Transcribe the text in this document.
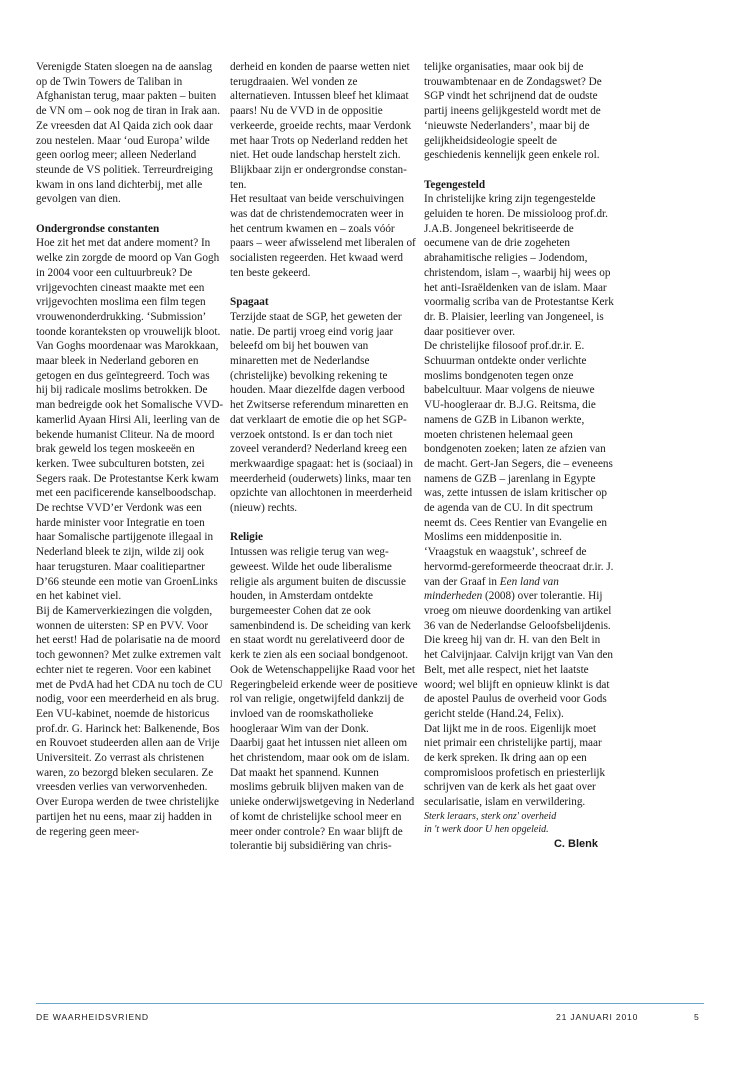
Verenigde Staten sloegen na de aanslag op de Twin Towers de Taliban in Afghanistan terug, maar pakten – buiten de VN om – ook nog de tiran in Irak aan. Ze vreesden dat Al Qaida zich ook daar zou nestelen. Maar ‘oud Europa’ wilde geen oorlog meer; alleen Nederland steunde de VS politiek. Terreurdreiging kwam in ons land dichterbij, met alle gevolgen van dien.

Ondergrondse constanten

Hoe zit het met dat andere moment? In welke zin zorgde de moord op Van Gogh in 2004 voor een cultuurbreuk? De vrijgevochten cineast maakte met een vrijgevochten moslima een film tegen vrouwenonderdrukking. ‘Submission’ toonde koranteksten op vrouwelijk bloot. Van Goghs moordenaar was Marokkaan, maar bleek in Nederland geboren en getogen en dus geïntegreerd. Toch was hij bij radicale moslims betrokken. De man bedreigde ook het Somalische VVD-kamerlid Ayaan Hirsi Ali, leerling van de bekende humanist Cliteur. Na de moord brak geweld los tegen moskeeën en kerken. Twee subculturen botsten, zei Segers raak. De Protestantse Kerk kwam met een pacificerende kanselboodschap. De rechtse VVD’er Verdonk was een harde minister voor Integratie en toen haar Somalische partijgenote illegaal in Nederland bleek te zijn, wilde zij ook haar terugsturen. Maar coalitiepartner D’66 steunde een motie van GroenLinks en het kabinet viel.

Bij de Kamerverkiezingen die volgden, wonnen de uitersten: SP en PVV. Voor het eerst! Had de polarisatie na de moord toch gewonnen? Met zulke extremen valt echter niet te regeren. Voor een kabinet met de PvdA had het CDA nu toch de CU nodig, voor een meerderheid en als brug. Een VU-kabinet, noemde de historicus prof.dr. G. Harinck het: Balkenende, Bos en Rouvoet studeerden allen aan de Vrije Universiteit. Zo verrast als christenen waren, zo bezorgd bleken secularen. Ze vreesden verlies van verworvenheden.

Over Europa werden de twee christelijke partijen het nu eens, maar zij hadden in de regering geen meer-

derheid en konden de paarse wetten niet terugdraaien. Wel vonden ze alternatieven. Intussen bleef het klimaat paars! Nu de VVD in de oppositie verkeerde, groeide rechts, maar Verdonk met haar Trots op Nederland redden het niet. Het oude landschap herstelt zich. Blijkbaar zijn er ondergrondse constanten.

Het resultaat van beide verschuivingen was dat de christendemocraten weer in het centrum kwamen en – zoals vóór paars – weer afwisselend met liberalen of socialisten regeerden. Het kwaad werd ten beste gekeerd.

Spagaat

Terzijde staat de SGP, het geweten der natie. De partij vroeg eind vorig jaar beleefd om bij het bouwen van minaretten met de Nederlandse (christelijke) bevolking rekening te houden. Maar diezelfde dagen verbood het Zwitserse referendum minaretten en dat verklaart de emotie die op het SGP-verzoek ontstond. Is er dan toch niet zoveel veranderd? Nederland kreeg een merkwaardige spagaat: het is (sociaal) in meerderheid (ouderwets) links, maar ten opzichte van allochtonen in meerderheid (nieuw) rechts.

Religie

Intussen was religie terug van weggeweest. Wilde het oude liberalisme religie als argument buiten de discussie houden, in Amsterdam ontdekte burgemeester Cohen dat ze ook samenbindend is. De scheiding van kerk en staat wordt nu gerelativeerd door de kerk te zien als een sociaal bondgenoot. Ook de Wetenschappelijke Raad voor het Regeringbeleid erkende weer de positieve rol van religie, ongetwijfeld dankzij de invloed van de roomskatholieke hoogleraar Wim van der Donk.

Daarbij gaat het intussen niet alleen om het christendom, maar ook om de islam. Dat maakt het spannend. Kunnen moslims gebruik blijven maken van de unieke onderwijswetgeving in Nederland of komt de christelijke school meer en meer onder controle? En waar blijft de tolerantie bij subsidiëring van chris-

telijke organisaties, maar ook bij de trouwambtenaar en de Zondagswet? De SGP vindt het schrijnend dat de oudste partij ineens gelijkgesteld wordt met de ‘nieuwste Nederlanders’, maar bij de gelijkheidsideologie speelt de geschiedenis kennelijk geen enkele rol.

Tegengesteld

In christelijke kring zijn tegengestelde geluiden te horen. De missioloog prof.dr. J.A.B. Jongeneel bekritiseerde de oecumene van de drie zogeheten abrahamitische religies – Jodendom, christendom, islam –, waarbij hij wees op het anti-Israëldenken van de islam. Maar voormalig scriba van de Protestantse Kerk dr. B. Plaisier, leerling van Jongeneel, is daar positiever over.

De christelijke filosoof prof.dr.ir. E. Schuurman ontdekte onder verlichte moslims bondgenoten tegen onze babelcultuur. Maar volgens de nieuwe VU-hoogleraar dr. B.J.G. Reitsma, die namens de GZB in Libanon werkte, moeten christenen helemaal geen bondgenoten zoeken; laten ze afzien van de macht. Gert-Jan Segers, die – eveneens namens de GZB – jarenlang in Egypte was, zette intussen de islam kritischer op de agenda van de CU. In dit spectrum neemt ds. Cees Rentier van Evangelie en Moslims een middenpositie in.

‘Vraagstuk en waagstuk’, schreef de hervormd-gereformeerde theocraat dr.ir. J. van der Graaf in Een land van minderheden (2008) over tolerantie. Hij vroeg om nieuwe doordenking van artikel 36 van de Nederlandse Geloofsbelijdenis. Die kreeg hij van dr. H. van den Belt in het Calvijnjaar. Calvijn krijgt van Van den Belt, met alle respect, niet het laatste woord; wel blijft en opnieuw klinkt is dat de apostel Paulus de overheid voor Gods gericht stelde (Hand.24, Felix).

Dat lijkt me in de roos. Eigenlijk moet niet primair een christelijke partij, maar de kerk spreken. Ik dring aan op een compromisloos profetisch en priesterlijk schrijven van de kerk als het gaat over secularisatie, islam en verwildering.

Sterk leraars, sterk onz' overheid

in 't werk door U hen opgeleid.

C. Blenk

DE WAARHEIDSVRIEND	21 JANUARI 2010	5
